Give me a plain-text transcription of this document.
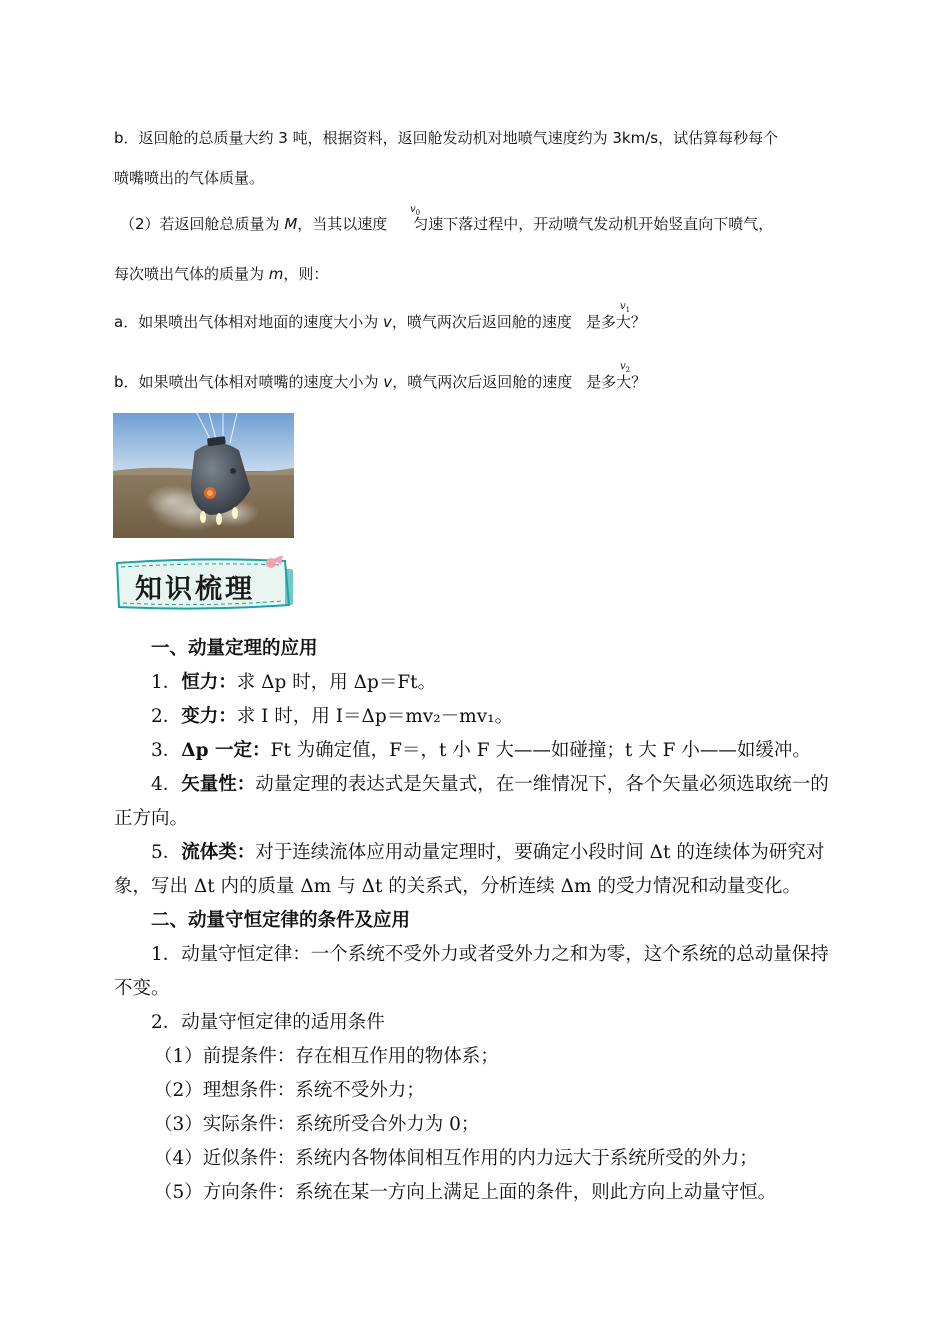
b．返回舱的总质量大约 3 吨，根据资料，返回舱发动机对地喷气速度约为 3km/s，试估算每秒每个
喷嘴喷出的气体质量。
（2）若返回舱总质量为 M，当其以速度 匀速下落过程中，开动喷气发动机开始竖直向下喷气，
$v_0$
每次喷出气体的质量为 m，则：
a．如果喷出气体相对地面的速度大小为 v，喷气两次后返回舱的速度 是多大？
$v_1$
b．如果喷出气体相对喷嘴的速度大小为 v，喷气两次后返回舱的速度 是多大？
$v_2$
知识梳理
一、动量定理的应用
1．恒力：求 Δp 时，用 Δp＝Ft。
2．变力：求 I 时，用 I＝Δp＝mv₂－mv₁。
3．Δp 一定：Ft 为确定值，F＝，t 小 F 大——如碰撞；t 大 F 小——如缓冲。
4．矢量性：动量定理的表达式是矢量式，在一维情况下，各个矢量必须选取统一的正方向。
5．流体类：对于连续流体应用动量定理时，要确定小段时间 Δt 的连续体为研究对象，写出 Δt 内的质量 Δm 与 Δt 的关系式，分析连续 Δm 的受力情况和动量变化。
二、动量守恒定律的条件及应用
1．动量守恒定律：一个系统不受外力或者受外力之和为零，这个系统的总动量保持不变。
2．动量守恒定律的适用条件
（1）前提条件：存在相互作用的物体系；
（2）理想条件：系统不受外力；
（3）实际条件：系统所受合外力为 0；
（4）近似条件：系统内各物体间相互作用的内力远大于系统所受的外力；
（5）方向条件：系统在某一方向上满足上面的条件，则此方向上动量守恒。
